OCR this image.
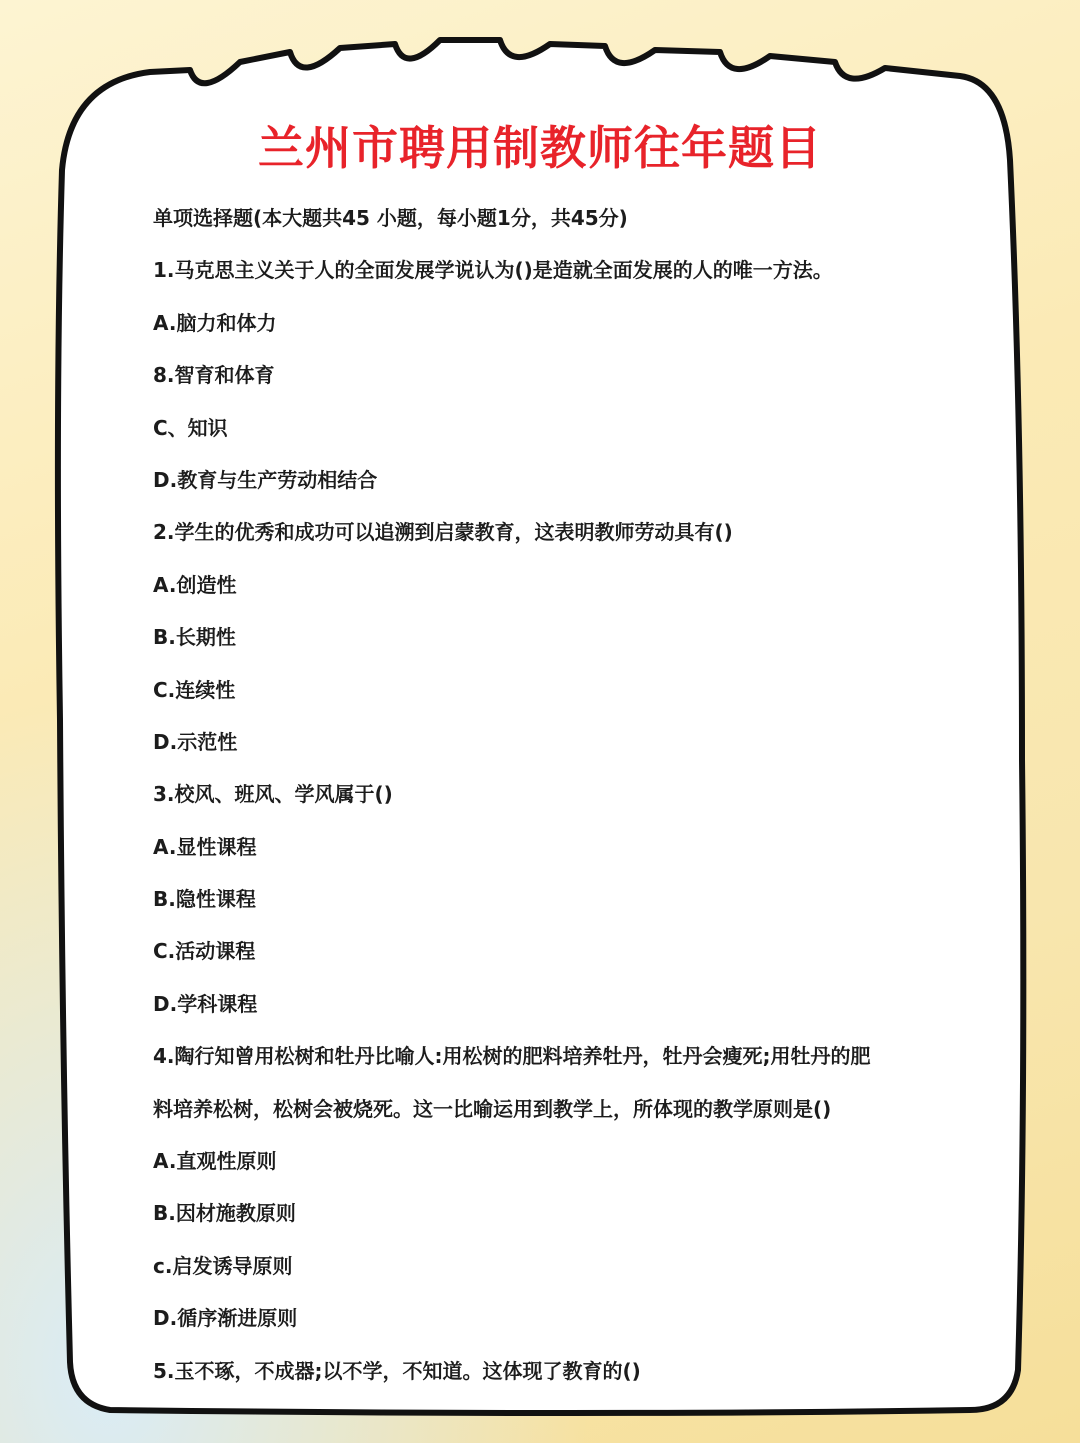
兰州市聘用制教师往年题目
单项选择题(本大题共45 小题，每小题1分，共45分)
1.马克思主义关于人的全面发展学说认为()是造就全面发展的人的唯一方法。
A.脑力和体力
8.智育和体育
C、知识
D.教育与生产劳动相结合
2.学生的优秀和成功可以追溯到启蒙教育，这表明教师劳动具有()
A.创造性
B.长期性
C.连续性
D.示范性
3.校风、班风、学风属于()
A.显性课程
B.隐性课程
C.活动课程
D.学科课程
4.陶行知曾用松树和牡丹比喻人:用松树的肥料培养牡丹，牡丹会瘦死;用牡丹的肥
料培养松树，松树会被烧死。这一比喻运用到教学上，所体现的教学原则是()
A.直观性原则
B.因材施教原则
c.启发诱导原则
D.循序渐进原则
5.玉不琢，不成器;以不学，不知道。这体现了教育的()
